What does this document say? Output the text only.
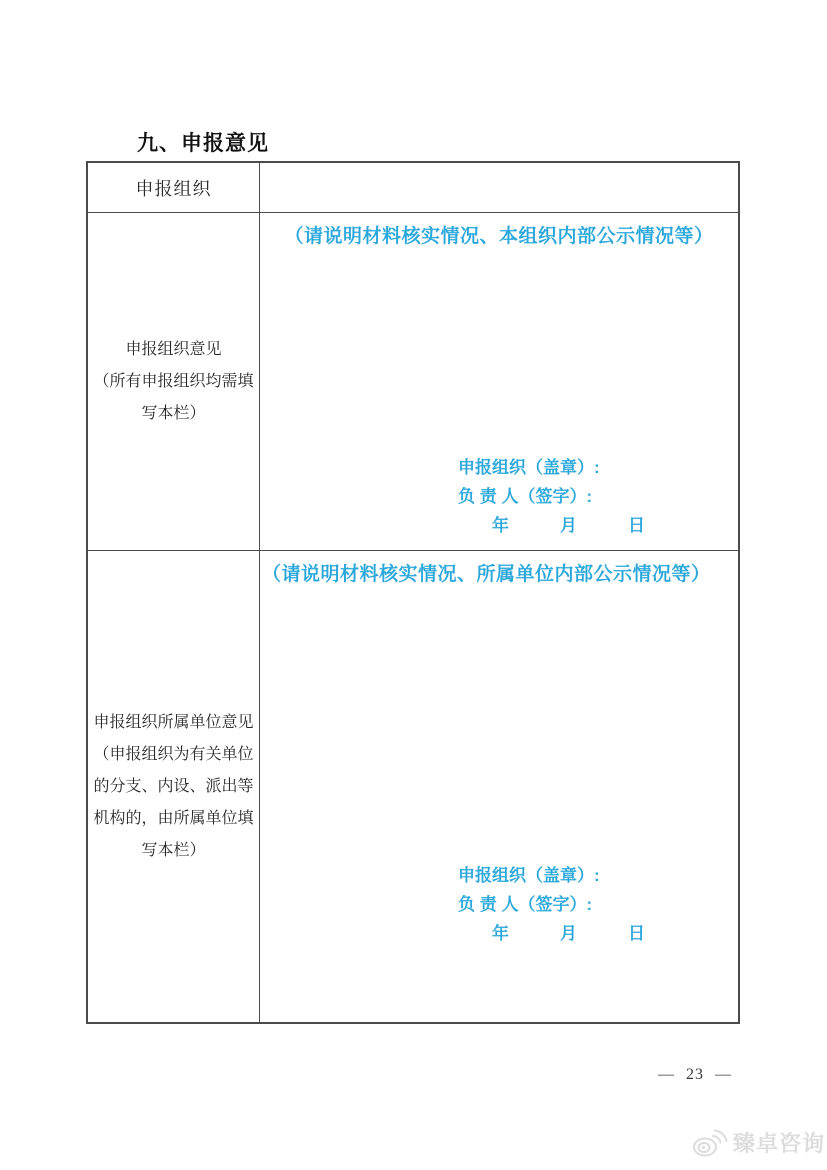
九、申报意见
申报组织
申报组织意见
（所有申报组织均需填
写本栏）
（请说明材料核实情况、本组织内部公示情况等）
申报组织（盖章）:
负 责 人（签字）:
年　　　月　　　日
申报组织所属单位意见
（申报组织为有关单位
的分支、内设、派出等
机构的，由所属单位填
写本栏）
（请说明材料核实情况、所属单位内部公示情况等）
申报组织（盖章）:
负 责 人（签字）:
年　　　月　　　日
— 23 —
臻卓咨询
